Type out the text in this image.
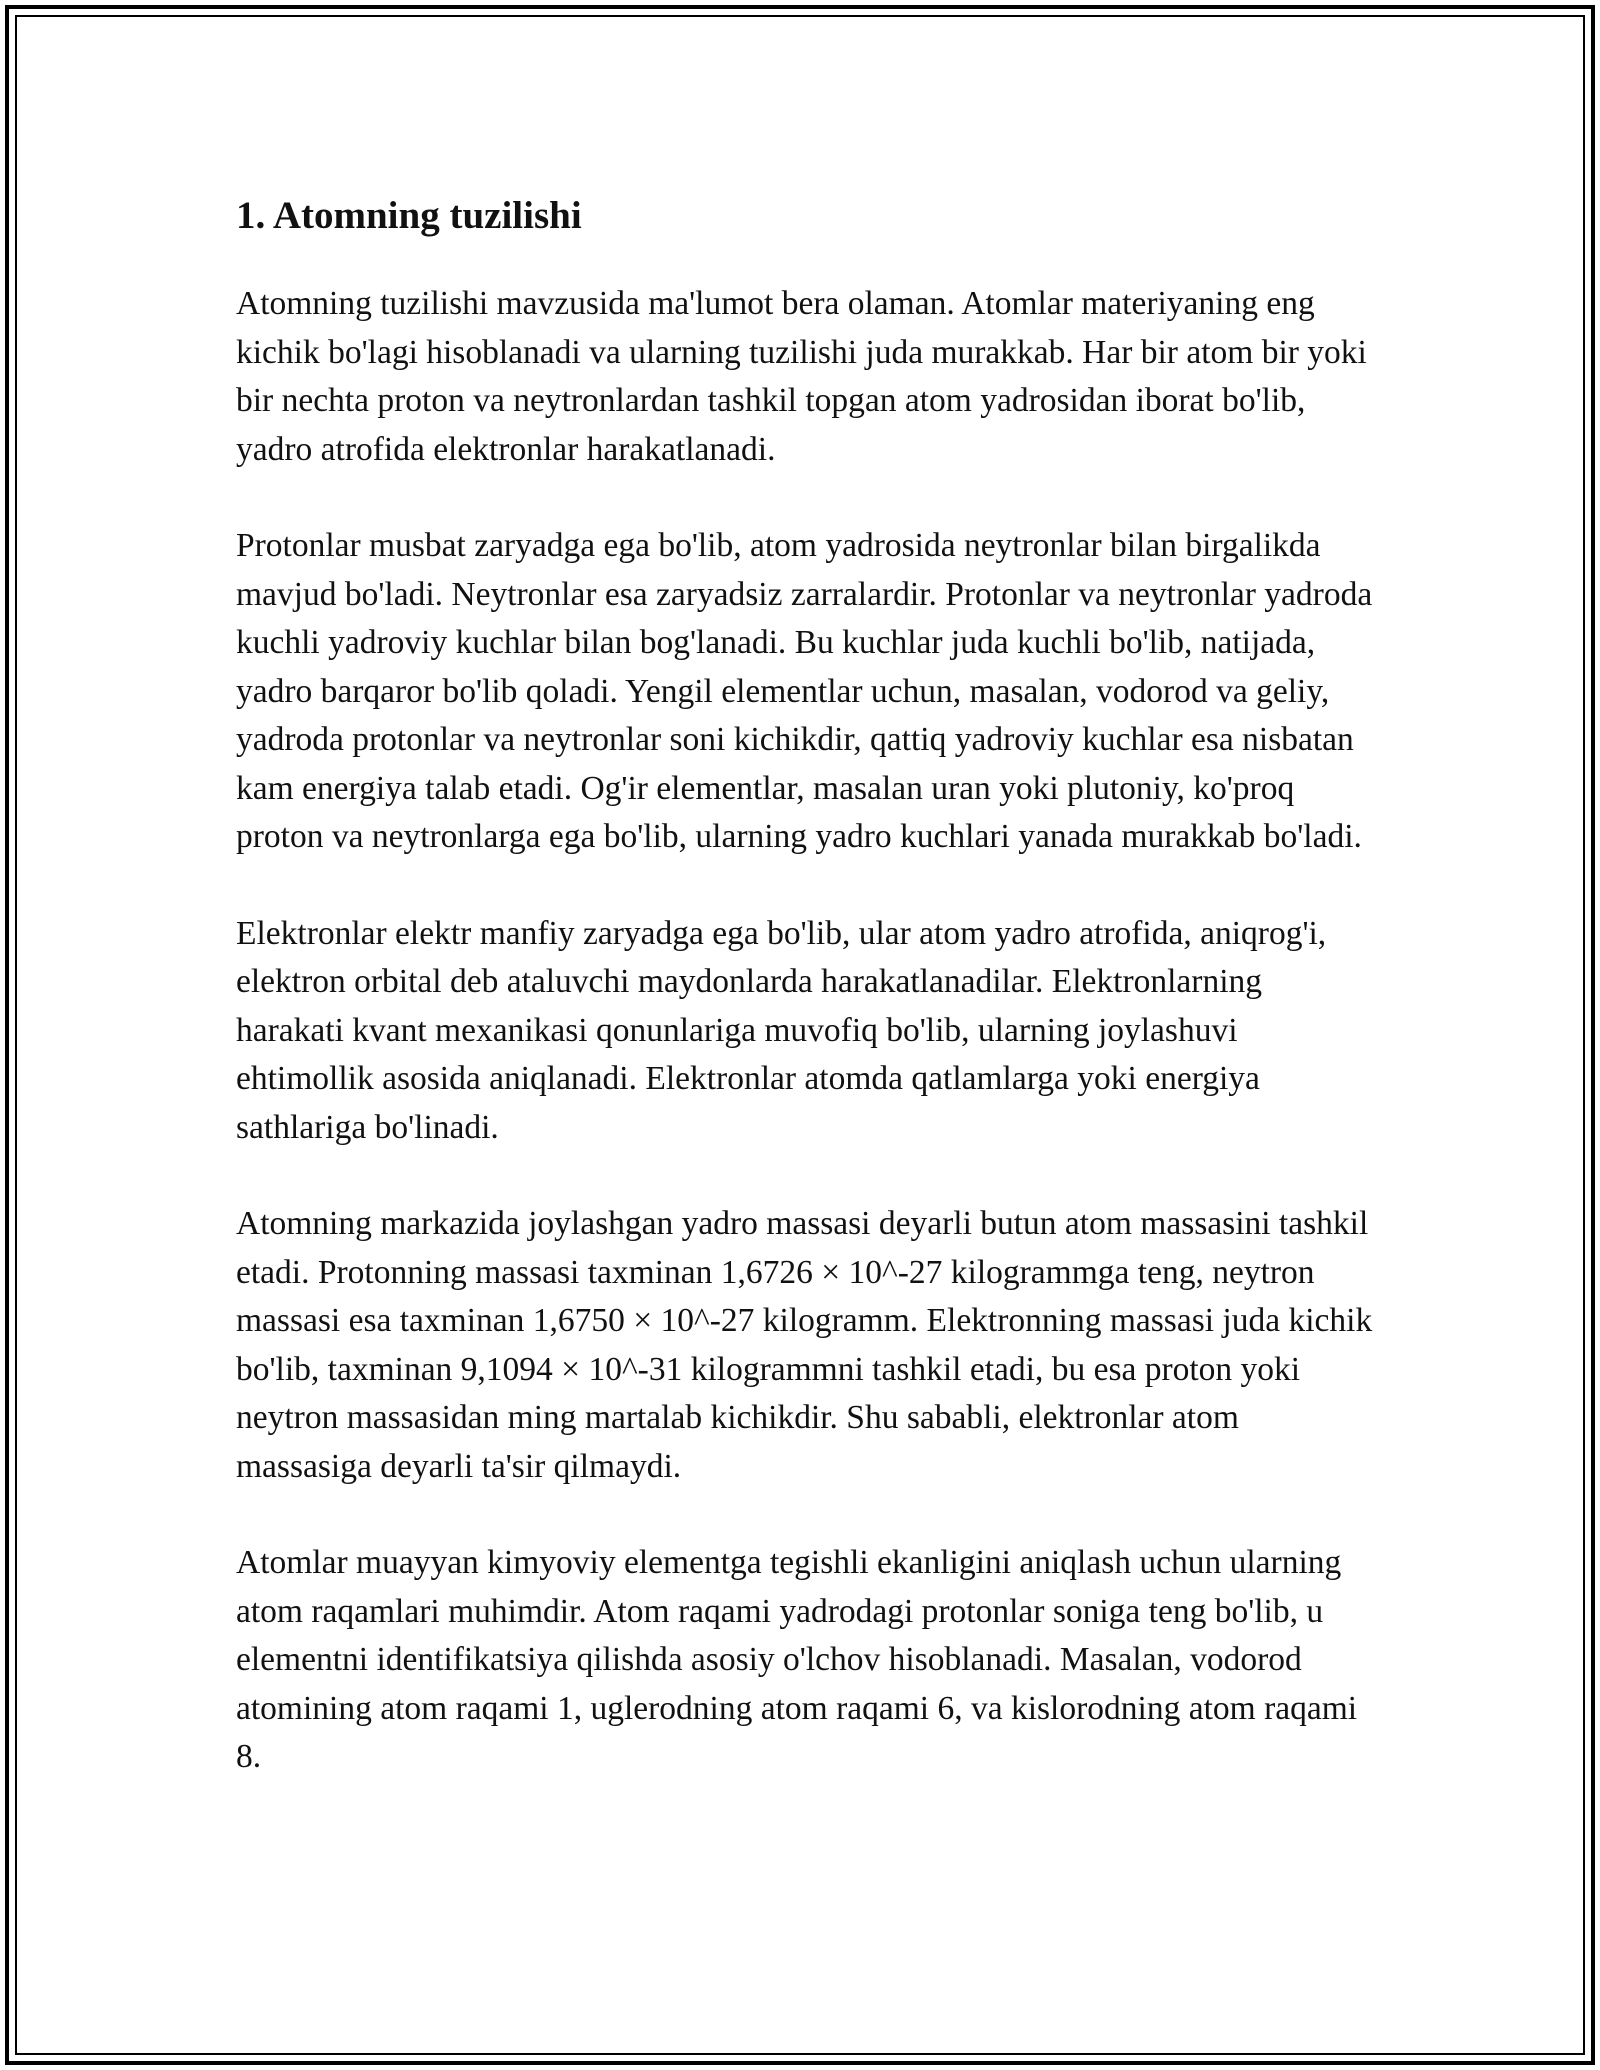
1. Atomning tuzilishi

Atomning tuzilishi mavzusida ma'lumot bera olaman. Atomlar materiyaning eng kichik bo'lagi hisoblanadi va ularning tuzilishi juda murakkab. Har bir atom bir yoki bir nechta proton va neytronlardan tashkil topgan atom yadrosidan iborat bo'lib, yadro atrofida elektronlar harakatlanadi.

Protonlar musbat zaryadga ega bo'lib, atom yadrosida neytronlar bilan birgalikda mavjud bo'ladi. Neytronlar esa zaryadsiz zarralardir. Protonlar va neytronlar yadroda kuchli yadroviy kuchlar bilan bog'lanadi. Bu kuchlar juda kuchli bo'lib, natijada, yadro barqaror bo'lib qoladi. Yengil elementlar uchun, masalan, vodorod va geliy, yadroda protonlar va neytronlar soni kichikdir, qattiq yadroviy kuchlar esa nisbatan kam energiya talab etadi. Og'ir elementlar, masalan uran yoki plutoniy, ko'proq proton va neytronlarga ega bo'lib, ularning yadro kuchlari yanada murakkab bo'ladi.

Elektronlar elektr manfiy zaryadga ega bo'lib, ular atom yadro atrofida, aniqrog'i, elektron orbital deb ataluvchi maydonlarda harakatlanadilar. Elektronlarning harakati kvant mexanikasi qonunlariga muvofiq bo'lib, ularning joylashuvi ehtimollik asosida aniqlanadi. Elektronlar atomda qatlamlarga yoki energiya sathlariga bo'linadi.

Atomning markazida joylashgan yadro massasi deyarli butun atom massasini tashkil etadi. Protonning massasi taxminan 1,6726 × 10^-27 kilogrammga teng, neytron massasi esa taxminan 1,6750 × 10^-27 kilogramm. Elektronning massasi juda kichik bo'lib, taxminan 9,1094 × 10^-31 kilogrammni tashkil etadi, bu esa proton yoki neytron massasidan ming martalab kichikdir. Shu sababli, elektronlar atom massasiga deyarli ta'sir qilmaydi.

Atomlar muayyan kimyoviy elementga tegishli ekanligini aniqlash uchun ularning atom raqamlari muhimdir. Atom raqami yadrodagi protonlar soniga teng bo'lib, u elementni identifikatsiya qilishda asosiy o'lchov hisoblanadi. Masalan, vodorod atomining atom raqami 1, uglerodning atom raqami 6, va kislorodning atom raqami 8.
